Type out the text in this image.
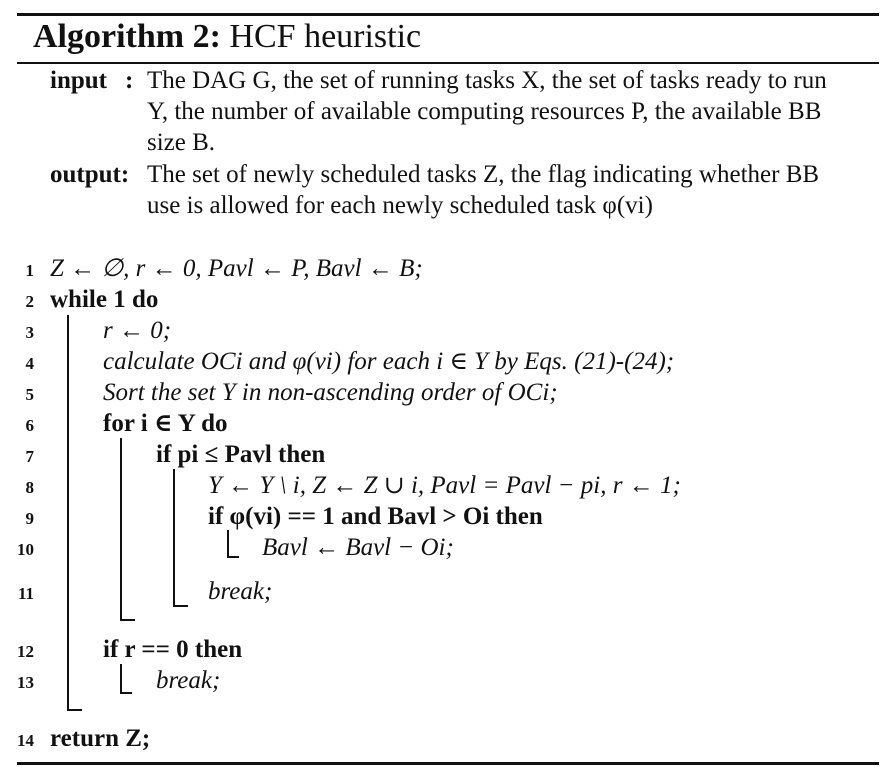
Algorithm 2: HCF heuristic
input : The DAG G, the set of running tasks X, the set of tasks ready to run Y, the number of available computing resources P, the available BB size B.
output: The set of newly scheduled tasks Z, the flag indicating whether BB use is allowed for each newly scheduled task φ(vi)
1 Z ← ∅, r ← 0, Pavl ← P, Bavl ← B;
2 while 1 do
3	r ← 0;
4	calculate OCi and φ(vi) for each i ∈ Y by Eqs. (21)-(24);
5	Sort the set Y in non-ascending order of OCi;
6	for i ∈ Y do
7	if pi ≤ Pavl then
8	Y ← Y \ i, Z ← Z ∪ i, Pavl = Pavl − pi, r ← 1;
9	if φ(vi) == 1 and Bavl > Oi then
10	Bavl ← Bavl − Oi;
11	break;
12	if r == 0 then
13	break;
14 return Z;
